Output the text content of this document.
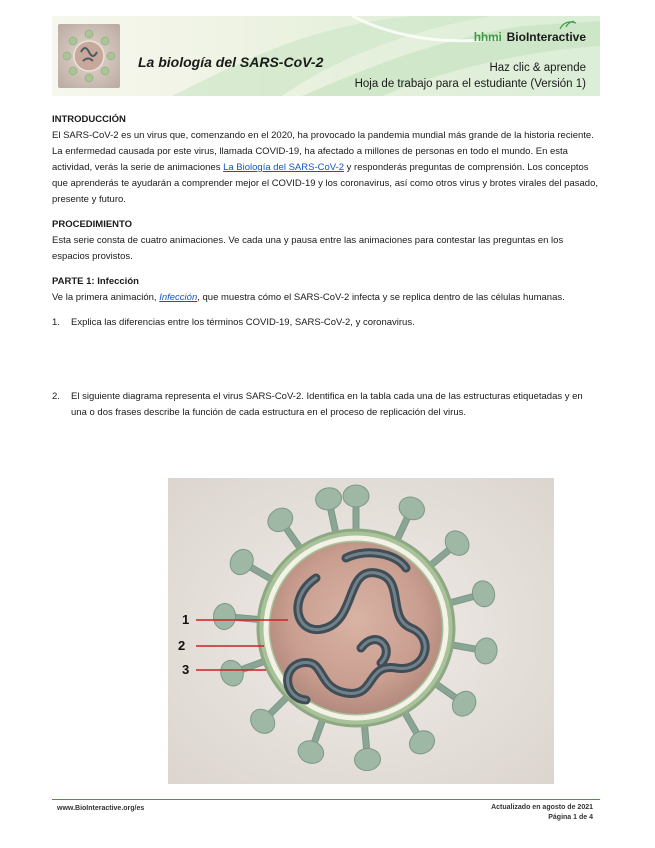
La biología del SARS-CoV-2
hhmi BioInteractive
Haz clic & aprende
Hoja de trabajo para el estudiante (Versión 1)
INTRODUCCIÓN

El SARS-CoV-2 es un virus que, comenzando en el 2020, ha provocado la pandemia mundial más grande de la historia reciente. La enfermedad causada por este virus, llamada COVID-19, ha afectado a millones de personas en todo el mundo. En esta actividad, verás la serie de animaciones La Biología del SARS-CoV-2 y responderás preguntas de comprensión. Los conceptos que aprenderás te ayudarán a comprender mejor el COVID-19 y los coronavirus, así como otros virus y brotes virales del pasado, presente y futuro.

PROCEDIMIENTO

Esta serie consta de cuatro animaciones. Ve cada una y pausa entre las animaciones para contestar las preguntas en los espacios provistos.

PARTE 1: Infección

Ve la primera animación, Infección, que muestra cómo el SARS-CoV-2 infecta y se replica dentro de las células humanas.

1. Explica las diferencias entre los términos COVID-19, SARS-CoV-2, y coronavirus.
2. El siguiente diagrama representa el virus SARS-CoV-2. Identifica en la tabla cada una de las estructuras etiquetadas y en una o dos frases describe la función de cada estructura en el proceso de replicación del virus.
1
2
3
www.BioInteractive.org/es	Actualizado en agosto de 2021
Página 1 de 4
